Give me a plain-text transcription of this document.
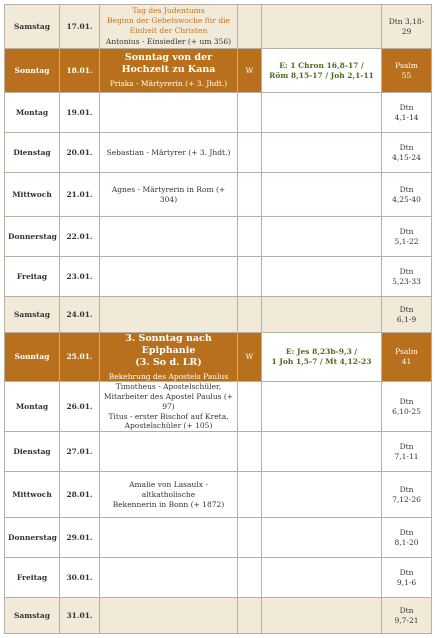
Samstag	17.01.	Tag des Judentums
Beginn der Gebetswoche für die
Einheit der Christen
Antonius - Einsiedler (+ um 356)			Dtn 3,18-29
Sonntag	18.01.	Sonntag von der
Hochzeit zu Kana
Priska - Märtyrerin (+ 3. Jhdt.)	W	E: 1 Chron 16,8-17 /
Röm 8,15-17 / Joh 2,1-11	Psalm
55

Montag	19.01.				Dtn
4,1-14

Dienstag	20.01.	Sebastian - Märtyrer (+ 3. Jhdt.)			Dtn
4,15-24

Mittwoch	21.01.	Agnes - Märtyrerin in Rom (+ 304)			Dtn
4,25-40

Donnerstag	22.01.				Dtn
5,1-22

Freitag	23.01.				Dtn
5,23-33

Samstag	24.01.				Dtn
6,1-9

Sonntag	25.01.	3. Sonntag nach Epiphanie
(3. So d. LR)
Bekehrung des Apostels Paulus	W	E: Jes 8,23b-9,3 /
1 Joh 1,5-7 / Mt 4,12-23	Psalm
41

Montag	26.01.	Timotheus - Apostelschüler,
Mitarbeiter des Apostel Paulus (+ 97)
Titus - erster Bischof auf Kreta,
Apostelschüler (+ 105)			Dtn
6,10-25

Dienstag	27.01.				Dtn
7,1-11

Mittwoch	28.01.	Amalie von Lasaulx - altkatholische
Bekennerin in Bonn (+ 1872)			Dtn
7,12-26

Donnerstag	29.01.				Dtn
8,1-20

Freitag	30.01.				Dtn
9,1-6

Samstag	31.01.				Dtn
9,7-21
